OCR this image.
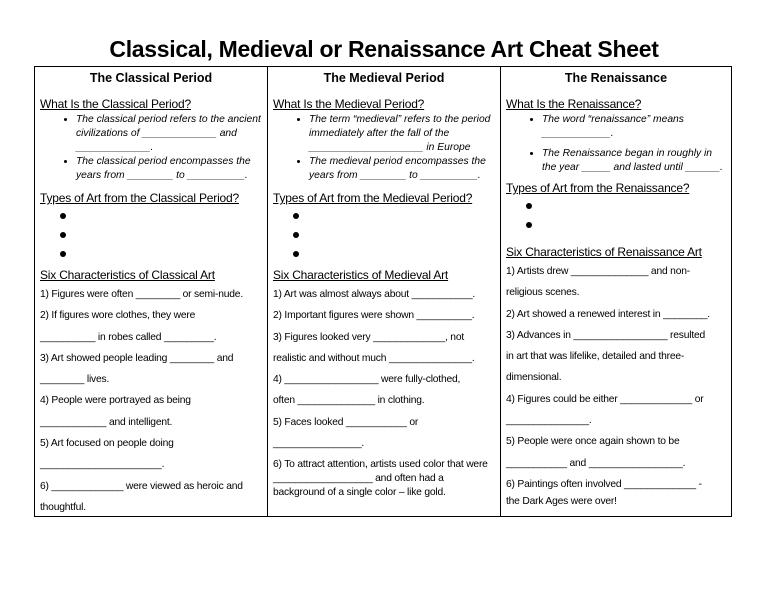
Classical, Medieval or Renaissance Art Cheat Sheet
The Classical Period
What Is the Classical Period?
• The classical period refers to the ancient civilizations of _____________ and _____________.
• The classical period encompasses the years from ________ to __________.
Types of Art from the Classical Period?
Six Characteristics of Classical Art

1) Figures were often ________ or semi-nude.

2) If figures wore clothes, they were

__________ in robes called _________.

3) Art showed people leading ________ and

________ lives.

4) People were portrayed as being

____________ and intelligent.

5) Art focused on people doing

______________________.

6) _____________ were viewed as heroic and

thoughtful.

The Medieval Period
What Is the Medieval Period?
• The term “medieval” refers to the period immediately after the fall of the ____________________ in Europe
• The medieval period encompasses the years from ________ to __________.
Types of Art from the Medieval Period?
Six Characteristics of Medieval Art

1) Art was almost always about ___________.

2) Important figures were shown __________.

3) Figures looked very _____________, not

realistic and without much _______________.

4) _________________ were fully-clothed,

often ______________ in clothing.

5) Faces looked ___________ or

________________.

6) To attract attention, artists used color that were __________________ and often had a background of a single color – like gold.

The Renaissance
What Is the Renaissance?
• The word “renaissance” means ____________.
• The Renaissance began in roughly in the year _____ and lasted until ______.
Types of Art from the Renaissance?
Six Characteristics of Renaissance Art

1) Artists drew ______________ and non-

religious scenes.

2) Art showed a renewed interest in ________.

3) Advances in _________________ resulted

in art that was lifelike, detailed and three-

dimensional.

4) Figures could be either _____________ or

_______________.

5) People were once again shown to be

___________ and _________________.

6) Paintings often involved _____________ -

the Dark Ages were over!
